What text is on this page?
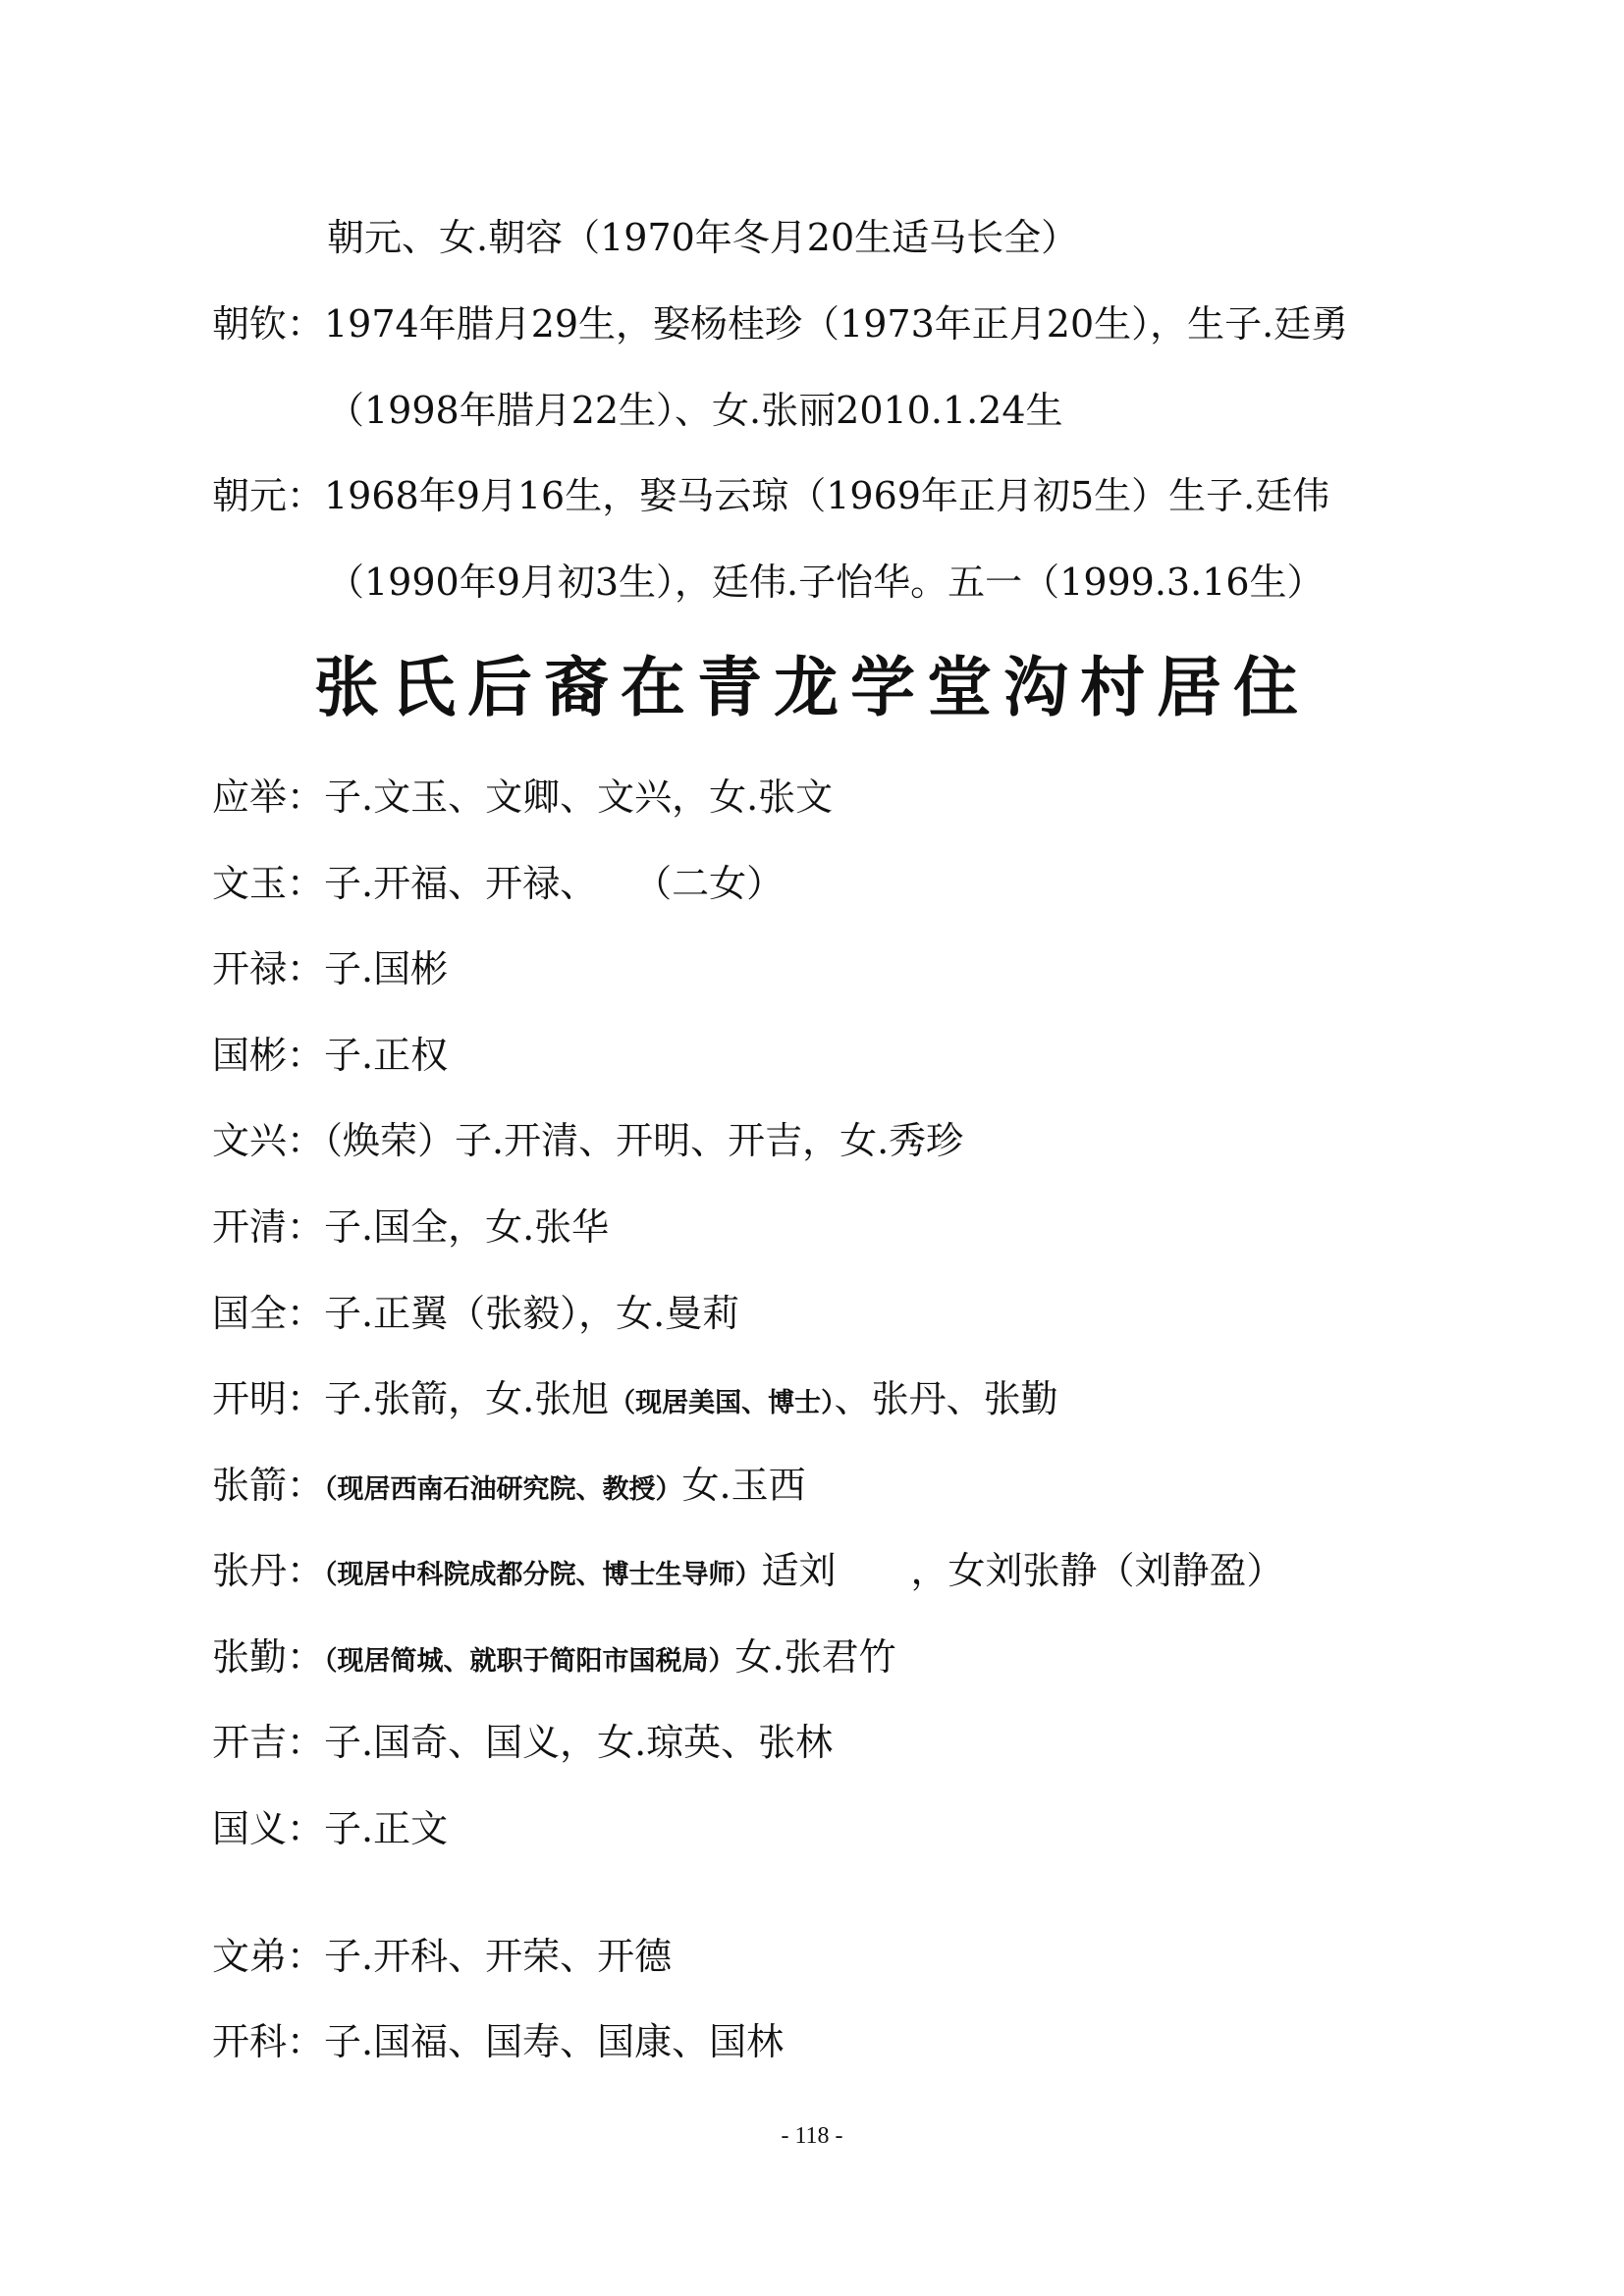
朝元、女.朝容（1970年冬月20生适马长全）
朝钦：1974年腊月29生，娶杨桂珍（1973年正月20生），生子.廷勇
（1998年腊月22生）、女.张丽2010.1.24生
朝元：1968年9月16生，娶马云琼（1969年正月初5生）生子.廷伟
（1990年9月初3生），廷伟.子怡华。五一（1999.3.16生）
张氏后裔在青龙学堂沟村居住
应举：子.文玉、文卿、文兴，女.张文
文玉：子.开福、开禄、　　（二女）
开禄：子.国彬
国彬：子.正权
文兴：（焕荣）子.开清、开明、开吉，女.秀珍
开清：子.国全，女.张华
国全：子.正翼（张毅），女.曼莉
开明：子.张箭，女.张旭（现居美国、博士）、张丹、张勤
张箭：（现居西南石油研究院、教授）女.玉西
张丹：（现居中科院成都分院、博士生导师）适刘　　，女刘张静（刘静盈）
张勤：（现居简城、就职于简阳市国税局）女.张君竹
开吉：子.国奇、国义，女.琼英、张林
国义：子.正文
文弟：子.开科、开荣、开德
开科：子.国福、国寿、国康、国林
- 118 -
